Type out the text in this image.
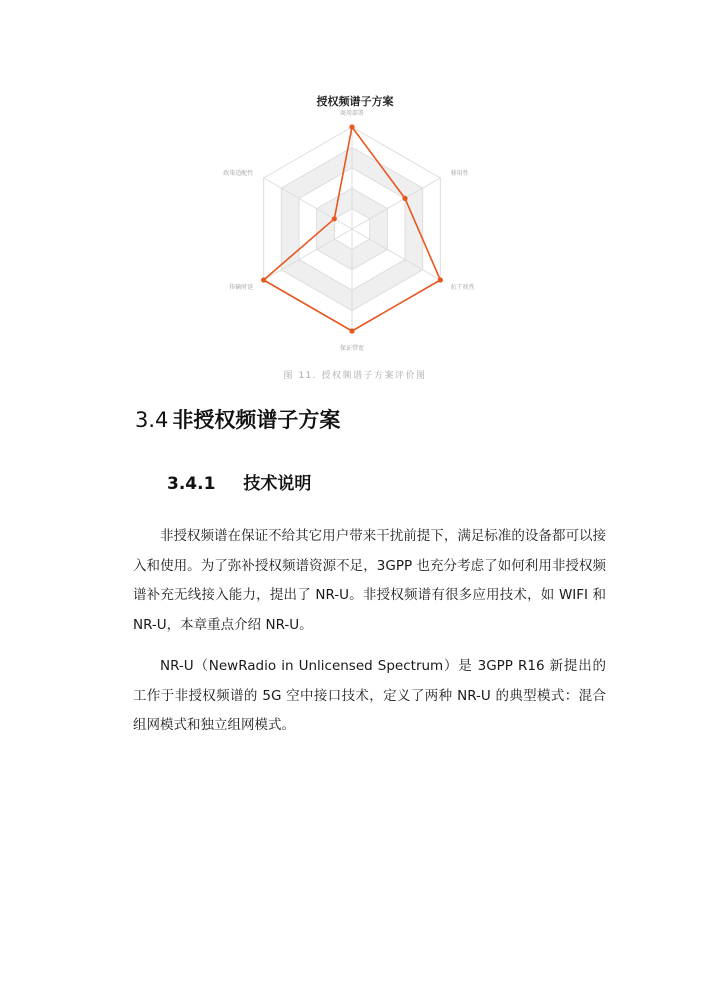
授权频谱子方案
商用部署
移用性
抗干扰性
保证带宽
传输时延
政策适配性

图 11. 授权频谱子方案评价图

3.4 非授权频谱子方案
3.4.1 技术说明

非授权频谱在保证不给其它用户带来干扰前提下，满足标准的设备都可以接入和使用。为了弥补授权频谱资源不足，3GPP 也充分考虑了如何利用非授权频谱补充无线接入能力，提出了 NR-U。非授权频谱有很多应用技术，如 WIFI 和 NR-U，本章重点介绍 NR-U。

NR-U（NewRadio in Unlicensed Spectrum）是 3GPP R16 新提出的工作于非授权频谱的 5G 空中接口技术，定义了两种 NR-U 的典型模式：混合组网模式和独立组网模式。
